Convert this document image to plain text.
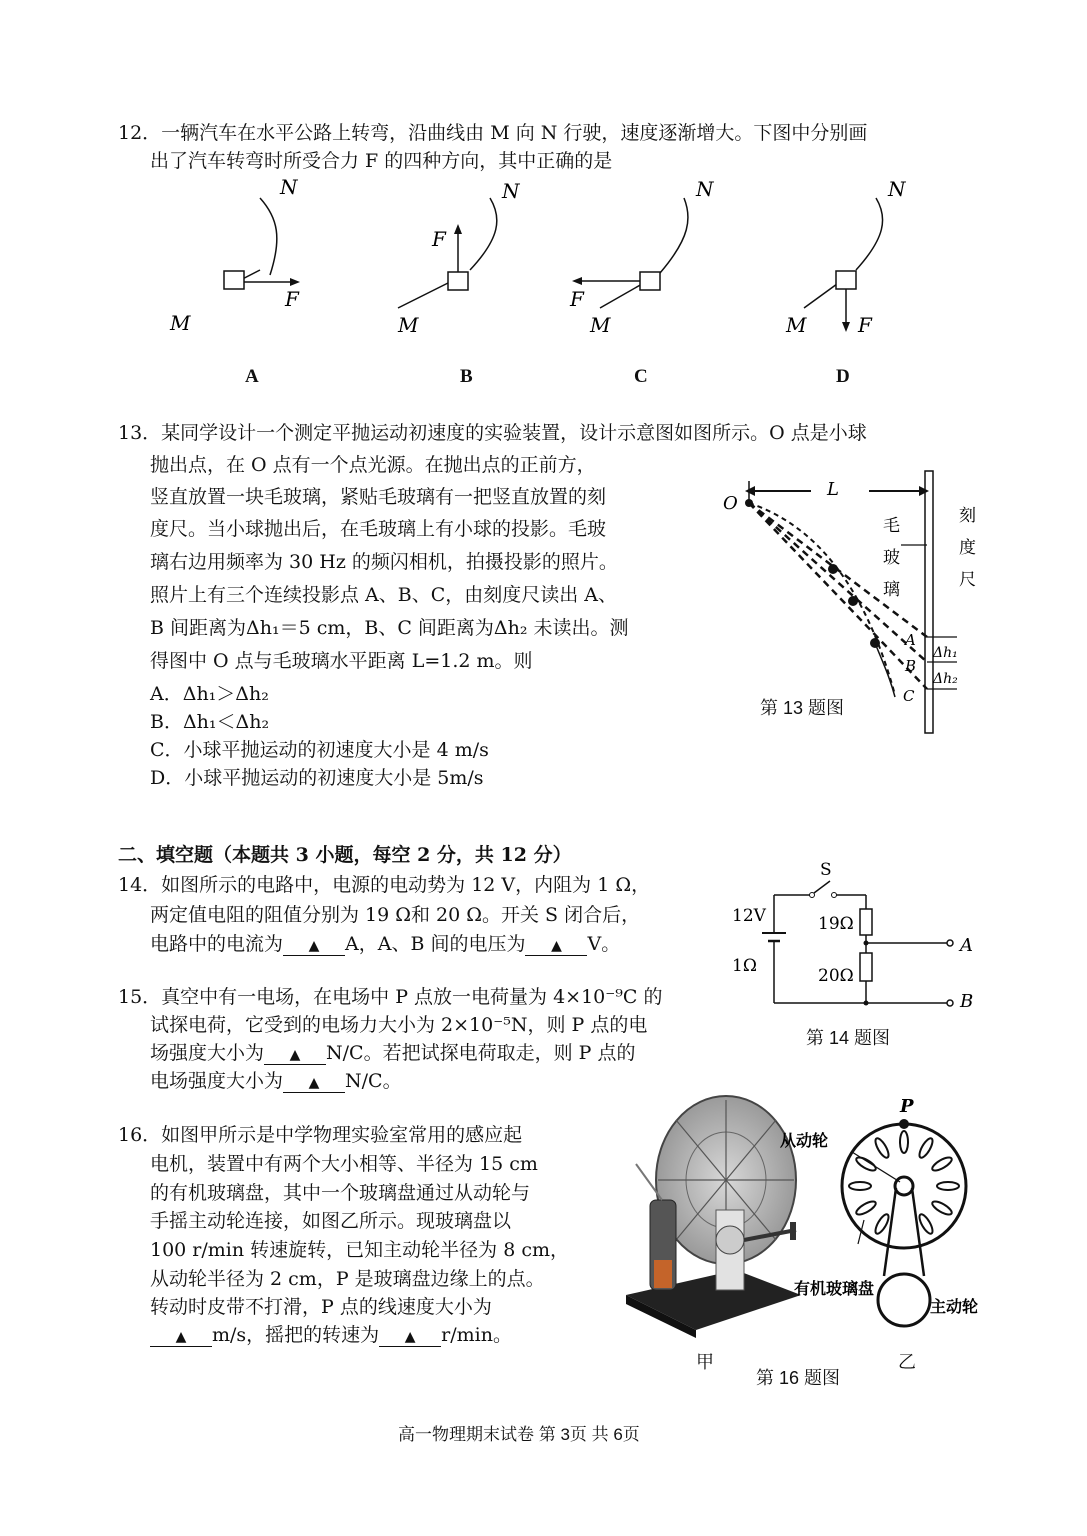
12．一辆汽车在水平公路上转弯，沿曲线由 M 向 N 行驶，速度逐渐增大。下图中分别画
出了汽车转弯时所受合力 F 的四种方向，其中正确的是
N
M
F
N
M
F
N
M
F
N
M	F
A	B	C	D
13．某同学设计一个测定平抛运动初速度的实验装置，设计示意图如图所示。O 点是小球
抛出点，在 O 点有一个点光源。在抛出点的正前方，
竖直放置一块毛玻璃，紧贴毛玻璃有一把竖直放置的刻
度尺。当小球抛出后，在毛玻璃上有小球的投影。毛玻
璃右边用频率为 30 Hz 的频闪相机，拍摄投影的照片。
照片上有三个连续投影点 A、B、C，由刻度尺读出 A、
B 间距离为Δh₁＝5 cm，B、C 间距离为Δh₂ 未读出。测
得图中 O 点与毛玻璃水平距离 L=1.2 m。则
A．Δh₁＞Δh₂
B．Δh₁＜Δh₂
C．小球平抛运动的初速度大小是 4 m/s
D．小球平抛运动的初速度大小是 5m/s
O
L
毛
玻
璃
刻
度
尺
A
B
C
Δh₁
Δh₂
第 13 题图
二、填空题（本题共 3 小题，每空 2 分，共 12 分）
14．如图所示的电路中，电源的电动势为 12 V，内阻为 1 Ω，
两定值电阻的阻值分别为 19 Ω和 20 Ω。开关 S 闭合后，
电路中的电流为 ▲ A，A、B 间的电压为 ▲ V。
S
12V
1Ω
19Ω
20Ω
A
B
第 14 题图
15．真空中有一电场，在电场中 P 点放一电荷量为 4×10⁻⁹C 的
试探电荷，它受到的电场力大小为 2×10⁻⁵N，则 P 点的电
场强度大小为 ▲ N/C。若把试探电荷取走，则 P 点的
电场强度大小为 ▲ N/C。
16．如图甲所示是中学物理实验室常用的感应起
电机，装置中有两个大小相等、半径为 15 cm
的有机玻璃盘，其中一个玻璃盘通过从动轮与
手摇主动轮连接，如图乙所示。现玻璃盘以
100 r/min 转速旋转，已知主动轮半径为 8 cm，
从动轮半径为 2 cm，P 是玻璃盘边缘上的点。
转动时皮带不打滑，P 点的线速度大小为
▲ m/s，摇把的转速为 ▲ r/min。
P
从动轮
有机玻璃盘
主动轮
甲	乙
第 16 题图
高一物理期末试卷 第 3页 共 6页
